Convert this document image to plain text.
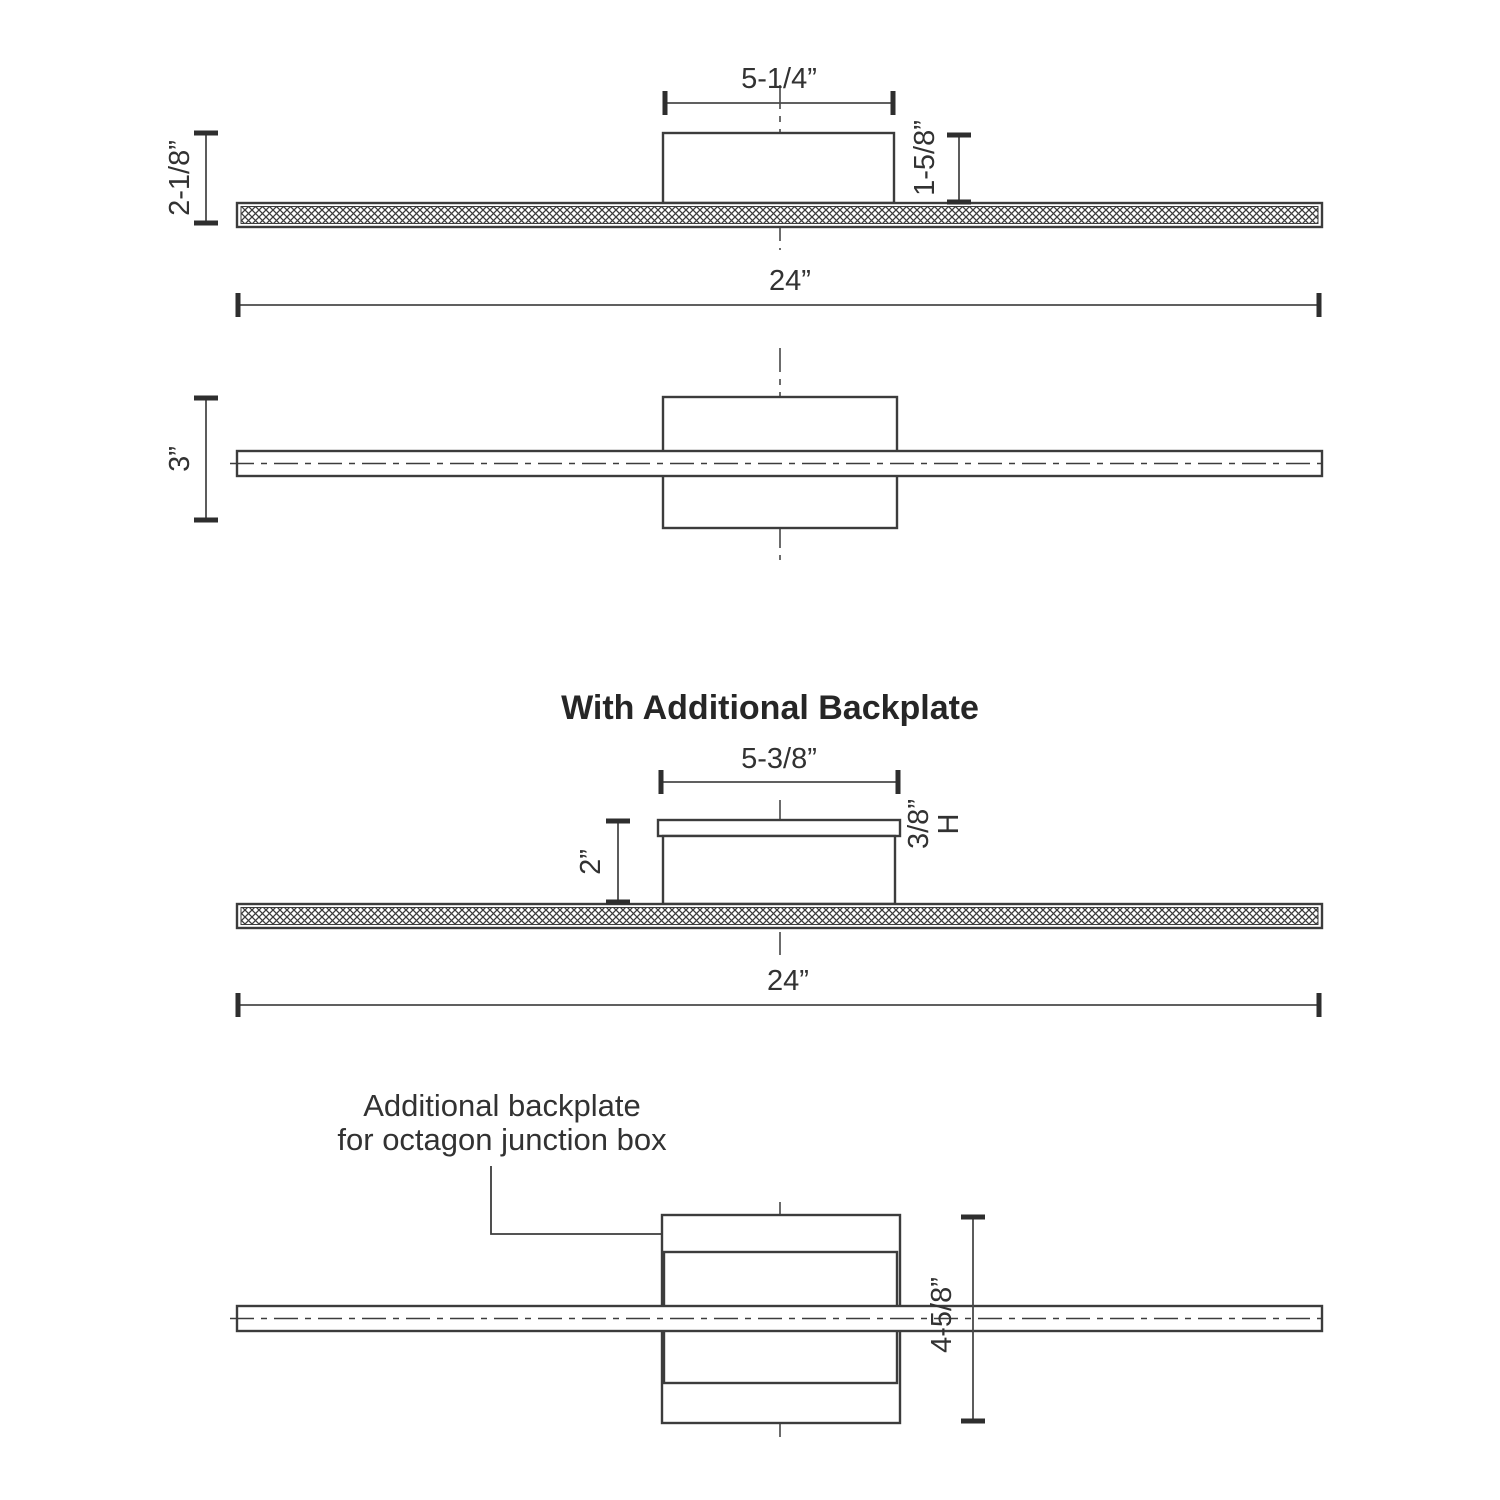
5-1/4”
2-1/8”	1-5/8”
24”
3”
With Additional Backplate
5-3/8”
2”
3/8”
H
24”
Additional backplate
for octagon junction box
4-5/8”
